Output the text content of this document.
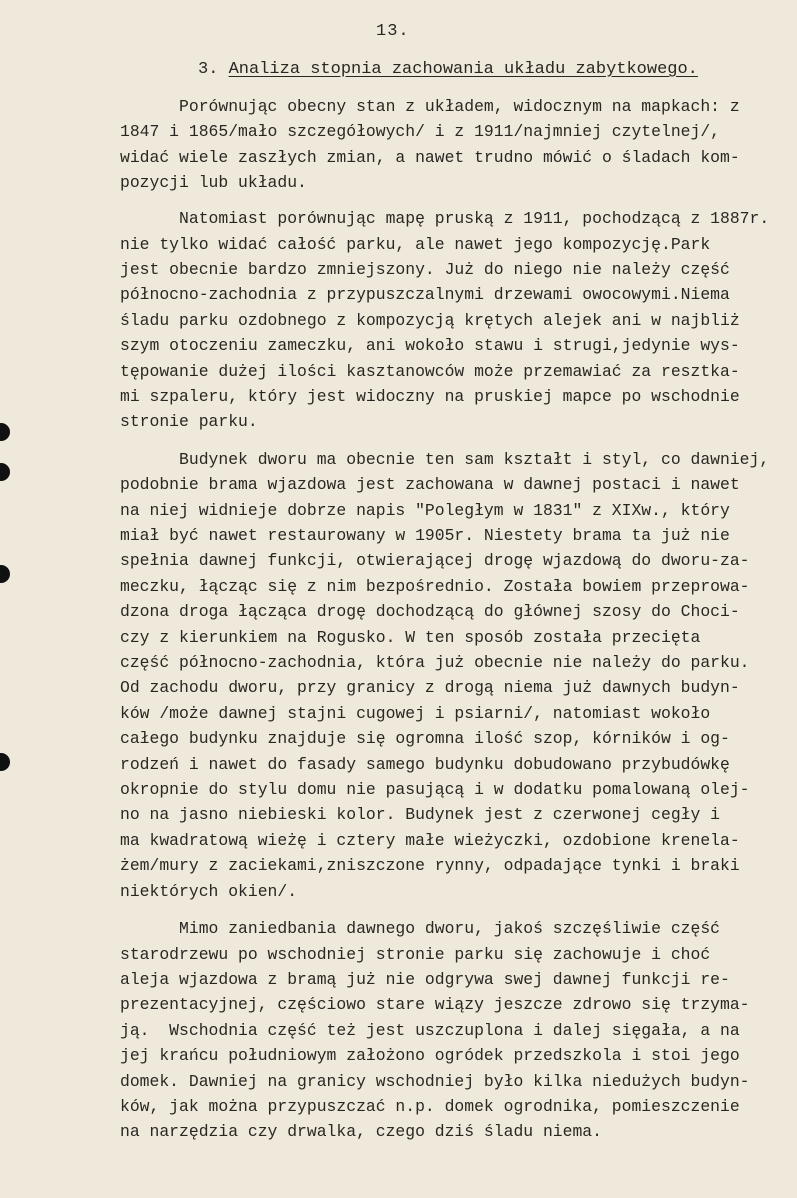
13.
3. Analiza stopnia zachowania układu zabytkowego.

Porównując obecny stan z układem, widocznym na mapkach: z

1847 i 1865/mało szczegółowych/ i z 1911/najmniej czytelnej/,

widać wiele zaszłych zmian, a nawet trudno mówić o śladach kom-

pozycji lub układu.

Natomiast porównując mapę pruską z 1911, pochodzącą z 1887r.

nie tylko widać całość parku, ale nawet jego kompozycję.Park

jest obecnie bardzo zmniejszony. Już do niego nie należy część

północno-zachodnia z przypuszczalnymi drzewami owocowymi.Niema

śladu parku ozdobnego z kompozycją krętych alejek ani w najbliż

szym otoczeniu zameczku, ani wokoło stawu i strugi,jedynie wys-

tępowanie dużej ilości kasztanowców może przemawiać za resztka-

mi szpaleru, który jest widoczny na pruskiej mapce po wschodnie

stronie parku.

Budynek dworu ma obecnie ten sam kształt i styl, co dawniej,

podobnie brama wjazdowa jest zachowana w dawnej postaci i nawet

na niej widnieje dobrze napis "Poległym w 1831" z XIXw., który

miał być nawet restaurowany w 1905r. Niestety brama ta już nie

spełnia dawnej funkcji, otwierającej drogę wjazdową do dworu-za-

meczku, łącząc się z nim bezpośrednio. Została bowiem przeprowa-

dzona droga łącząca drogę dochodzącą do głównej szosy do Chocі-

czy z kierunkiem na Rogusko. W ten sposób została przecięta

część północno-zachodnia, która już obecnie nie należy do parku.

Od zachodu dworu, przy granicy z drogą niema już dawnych budyn-

ków /może dawnej stajni cugowej i psiarni/, natomiast wokoło

całego budynku znajduje się ogromna ilość szop, kórników i og-

rodzeń i nawet do fasady samego budynku dobudowano przybudówkę

okropnie do stylu domu nie pasującą i w dodatku pomalowaną olej-

no na jasno niebieski kolor. Budynek jest z czerwonej cegły i

ma kwadratową wieżę i cztery małe wieżyczki, ozdobione krenela-

żem/mury z zaciekami,zniszczone rynny, odpadające tynki i braki

niektórych okien/.

Mimo zaniedbania dawnego dworu, jakoś szczęśliwie część

starodrzewu po wschodniej stronie parku się zachowuje i choć

aleja wjazdowa z bramą już nie odgrywa swej dawnej funkcji re-

prezentacyjnej, częściowo stare wiązy jeszcze zdrowo się trzyma-

ją.  Wschodnia część też jest uszczuplona i dalej sięgała, a na

jej krańcu południowym założono ogródek przedszkola i stoi jego

domek. Dawniej na granicy wschodniej było kilka niedużych budyn-

ków, jak można przypuszczać n.p. domek ogrodnika, pomieszczenie

na narzędzia czy drwalka, czego dziś śladu niema.
